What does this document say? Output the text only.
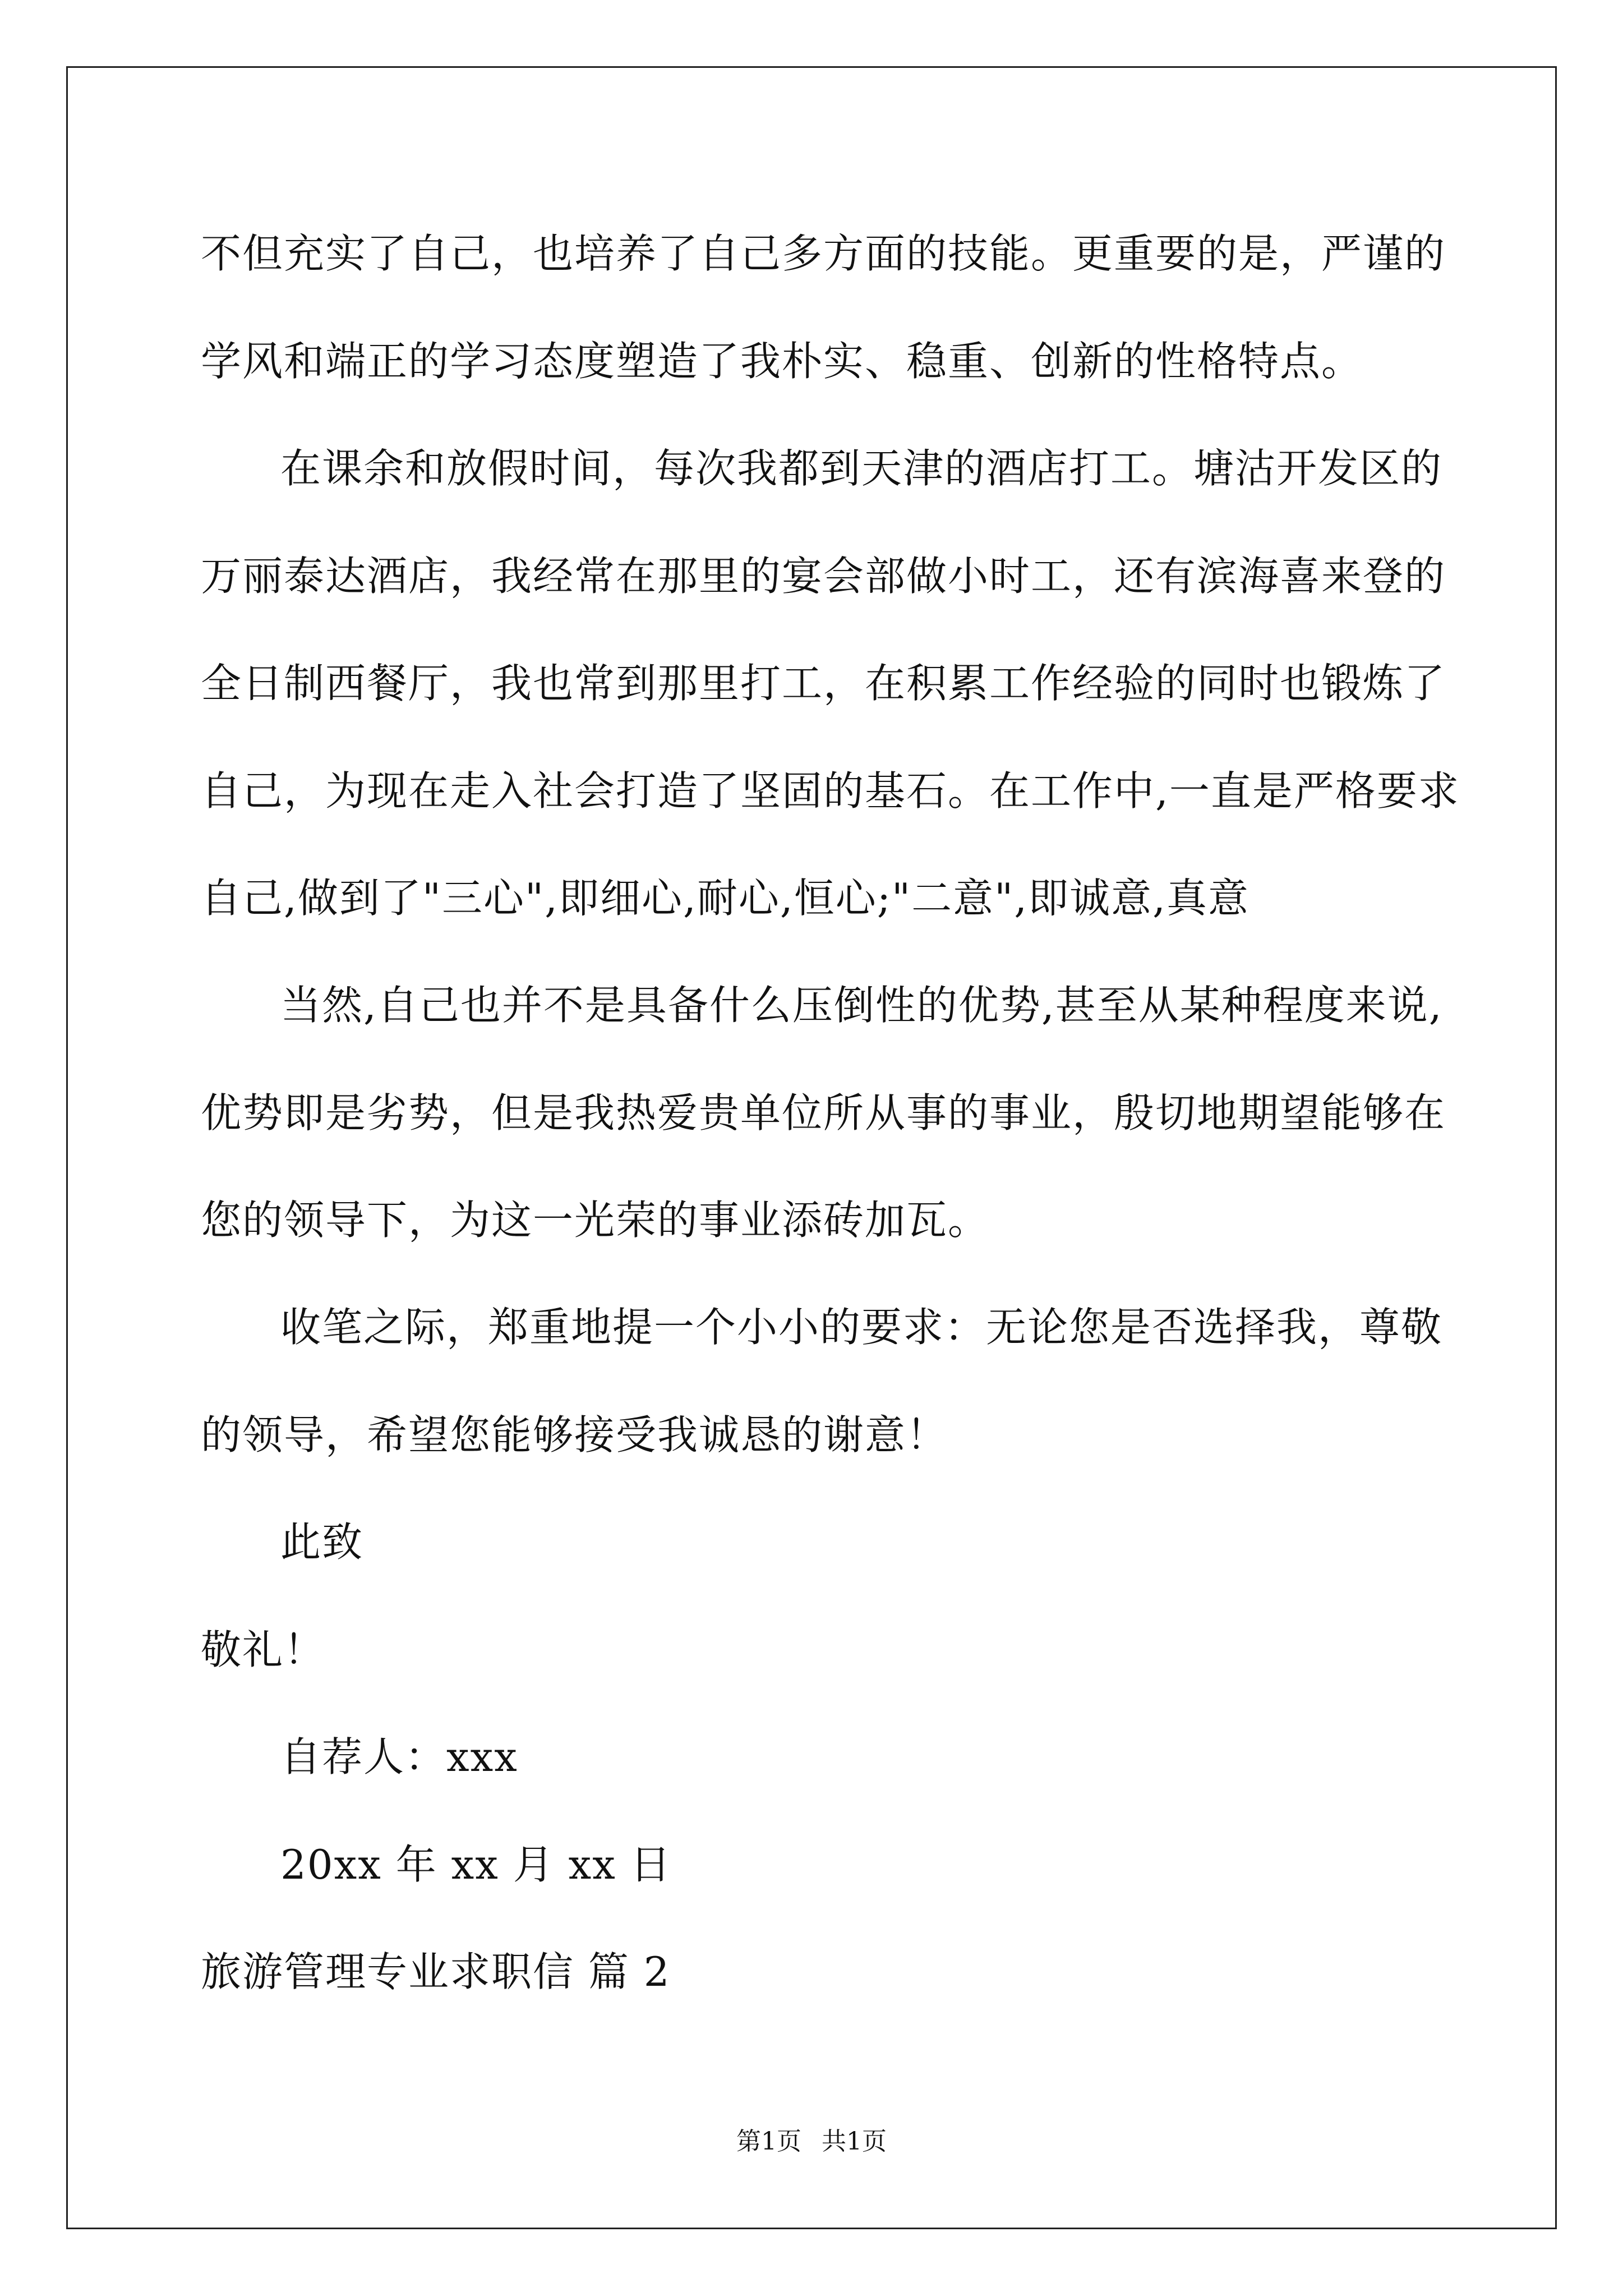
不但充实了自己，也培养了自己多方面的技能。更重要的是，严谨的
学风和端正的学习态度塑造了我朴实、稳重、创新的性格特点。
在课余和放假时间，每次我都到天津的酒店打工。塘沽开发区的
万丽泰达酒店，我经常在那里的宴会部做小时工，还有滨海喜来登的
全日制西餐厅，我也常到那里打工，在积累工作经验的同时也锻炼了
自己，为现在走入社会打造了坚固的基石。在工作中,一直是严格要求
自己,做到了"三心",即细心,耐心,恒心;"二意",即诚意,真意
当然,自己也并不是具备什么压倒性的优势,甚至从某种程度来说,
优势即是劣势，但是我热爱贵单位所从事的事业，殷切地期望能够在
您的领导下，为这一光荣的事业添砖加瓦。
收笔之际，郑重地提一个小小的要求：无论您是否选择我，尊敬
的领导，希望您能够接受我诚恳的谢意！
此致
敬礼！
自荐人：xxx
20xx 年 xx 月 xx 日
旅游管理专业求职信 篇 2
第1页 共1页
